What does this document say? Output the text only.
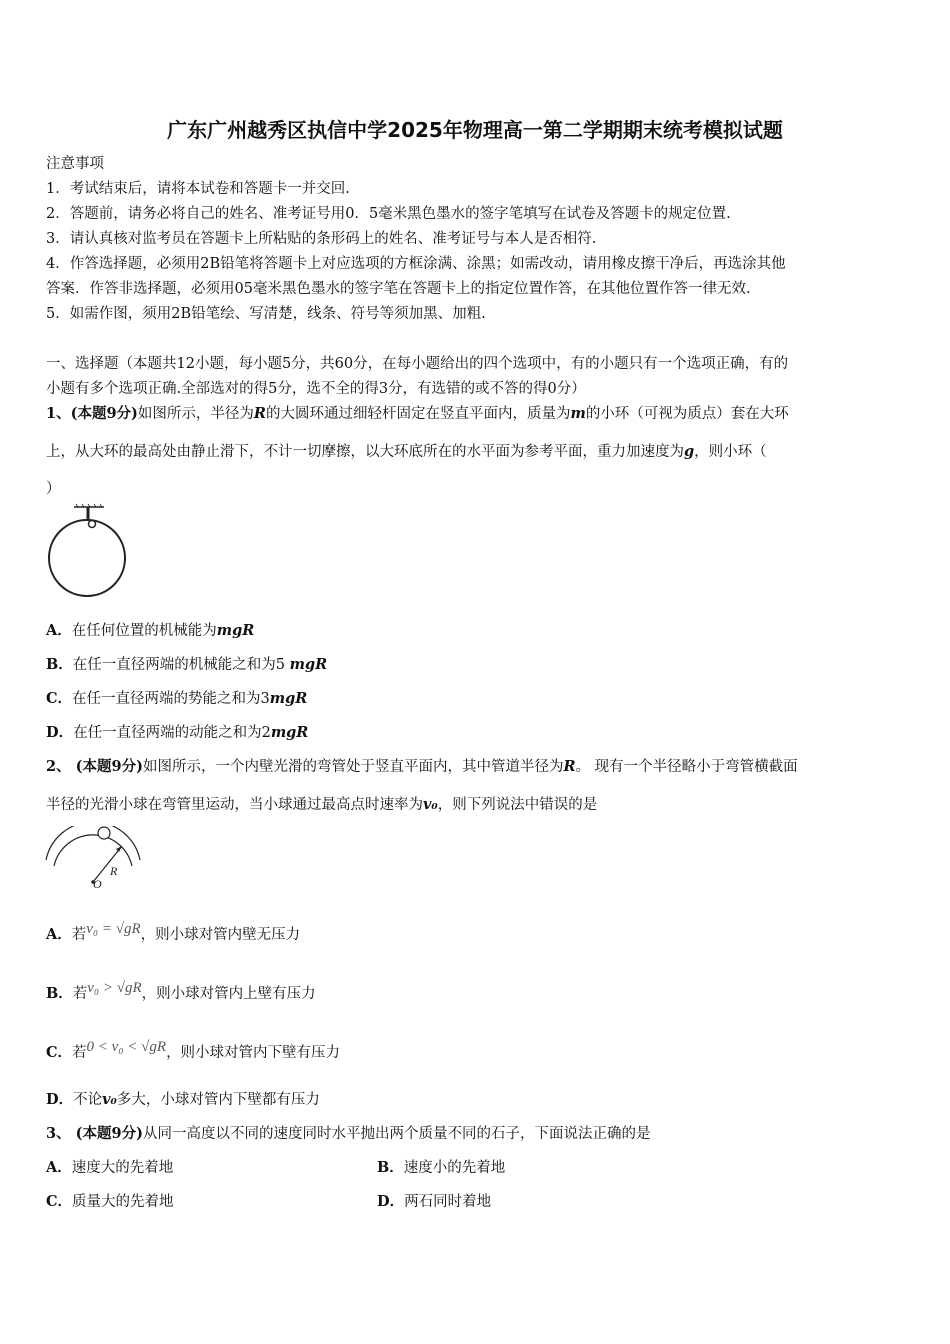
广东广州越秀区执信中学2025年物理高一第二学期期末统考模拟试题
注意事项
1．考试结束后，请将本试卷和答题卡一并交回.
2．答题前，请务必将自己的姓名、准考证号用0．5毫米黑色墨水的签字笔填写在试卷及答题卡的规定位置.
3．请认真核对监考员在答题卡上所粘贴的条形码上的姓名、准考证号与本人是否相符.
4．作答选择题，必须用2B铅笔将答题卡上对应选项的方框涂满、涂黑；如需改动，请用橡皮擦干净后，再选涂其他
答案．作答非选择题，必须用05毫米黑色墨水的签字笔在答题卡上的指定位置作答，在其他位置作答一律无效.
5．如需作图，须用2B铅笔绘、写清楚，线条、符号等须加黑、加粗.
一、选择题（本题共12小题，每小题5分，共60分，在每小题给出的四个选项中，有的小题只有一个选项正确，有的
小题有多个选项正确.全部选对的得5分，选不全的得3分，有选错的或不答的得0分）
1、(本题9分)如图所示，半径为R的大圆环通过细轻杆固定在竖直平面内，质量为m的小环（可视为质点）套在大环
上，从大环的最高处由静止滑下，不计一切摩擦，以大环底所在的水平面为参考平面，重力加速度为g，则小环（
）
A．在任何位置的机械能为mgR
B．在任一直径两端的机械能之和为5 mgR
C．在任一直径两端的势能之和为3mgR
D．在任一直径两端的动能之和为2mgR
2、 (本题9分)如图所示，一个内壁光滑的弯管处于竖直平面内，其中管道半径为R。 现有一个半径略小于弯管横截面
半径的光滑小球在弯管里运动，当小球通过最高点时速率为v₀，则下列说法中错误的是
R
O
A．若v₀ = √gR，则小球对管内壁无压力
B．若v₀ > √gR，则小球对管内上壁有压力
C．若0 < v₀ < √gR，则小球对管内下壁有压力
D．不论v₀多大，小球对管内下壁都有压力
3、 (本题9分)从同一高度以不同的速度同时水平抛出两个质量不同的石子，下面说法正确的是
A．速度大的先着地	B．速度小的先着地
C．质量大的先着地	D．两石同时着地
